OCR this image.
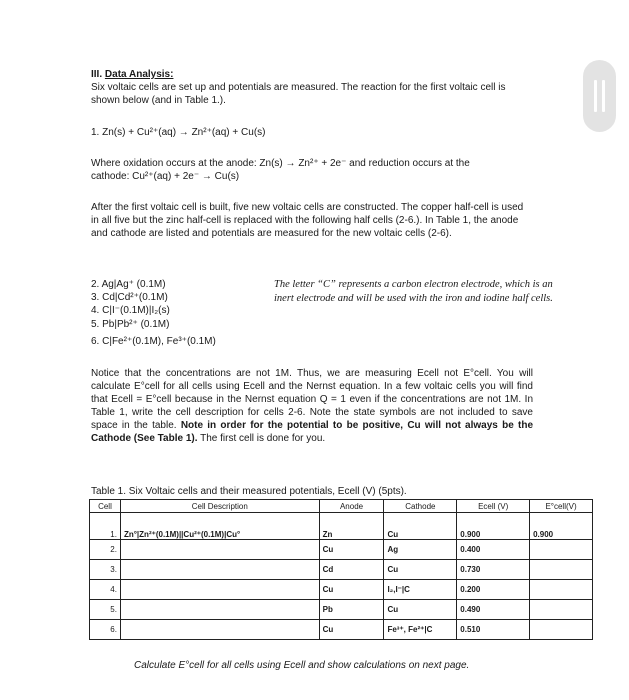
III. Data Analysis:
Six voltaic cells are set up and potentials are measured. The reaction for the first voltaic cell is shown below (and in Table 1.).
1. Zn(s) + Cu²⁺(aq) → Zn²⁺(aq) + Cu(s)
Where oxidation occurs at the anode: Zn(s) → Zn²⁺ + 2e⁻ and reduction occurs at the
cathode: Cu²⁺(aq) + 2e⁻ → Cu(s)
After the first voltaic cell is built, five new voltaic cells are constructed. The copper half-cell is used in all five but the zinc half-cell is replaced with the following half cells (2-6.). In Table 1, the anode and cathode are listed and potentials are measured for the new voltaic cells (2-6).
2. Ag|Ag⁺ (0.1M)
3. Cd|Cd²⁺(0.1M)
4. C|I⁻(0.1M)|I₂(s)
5. Pb|Pb²⁺ (0.1M)
6. C|Fe²⁺(0.1M), Fe³⁺(0.1M)
The letter “C” represents a carbon electron electrode, which is an inert electrode and will be used with the iron and iodine half cells.
Notice that the concentrations are not 1M. Thus, we are measuring Ecell not E°cell. You will calculate E°cell for all cells using Ecell and the Nernst equation. In a few voltaic cells you will find that Ecell = E°cell because in the Nernst equation Q = 1 even if the concentrations are not 1M. In Table 1, write the cell description for cells 2-6. Note the state symbols are not included to save space in the table. Note in order for the potential to be positive, Cu will not always be the Cathode (See Table 1). The first cell is done for you.
Table 1. Six Voltaic cells and their measured potentials, Ecell (V) (5pts).
Cell	Cell Description	Anode	Cathode	Ecell (V)	E°cell(V)
1.	Zn°|Zn²⁺(0.1M)||Cu²⁺(0.1M)|Cu°	Zn	Cu	0.900	0.900
2.		Cu	Ag	0.400	
3.		Cd	Cu	0.730	
4.		Cu	I₂,I⁻|C	0.200	
5.		Pb	Cu	0.490	
6.		Cu	Fe³⁺, Fe²⁺|C	0.510	
Calculate E°cell for all cells using Ecell and show calculations on next page.
